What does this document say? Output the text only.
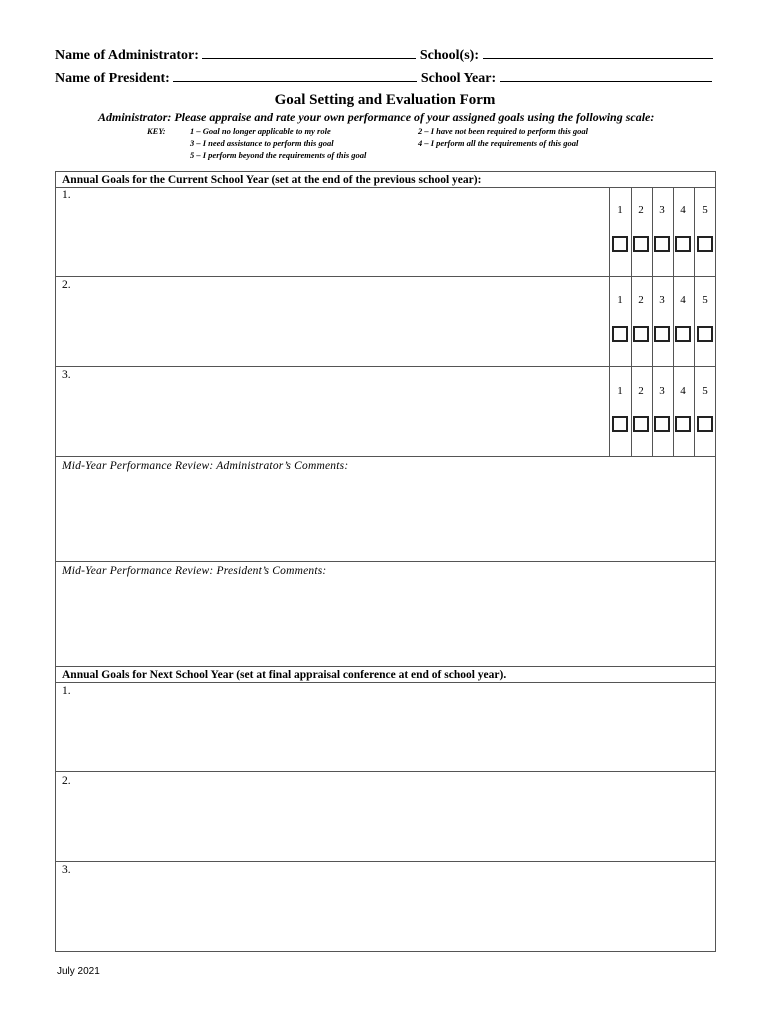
Name of Administrator:	School(s):
Name of President:	School Year:
Goal Setting and Evaluation Form
Administrator: Please appraise and rate your own performance of your assigned goals using the following scale:
KEY:	1 – Goal no longer applicable to my role	2 – I have not been required to perform this goal
3 – I need assistance to perform this goal	4 – I perform all the requirements of this goal
5 – I perform beyond the requirements of this goal
Annual Goals for the Current School Year (set at the end of the previous school year):
1.
1	2	3	4	5
2.
1	2	3	4	5
3.
1	2	3	4	5
Mid-Year Performance Review: Administrator’s Comments:
Mid-Year Performance Review: President’s Comments:
Annual Goals for Next School Year (set at final appraisal conference at end of school year).
1.
2.
3.
July 2021
